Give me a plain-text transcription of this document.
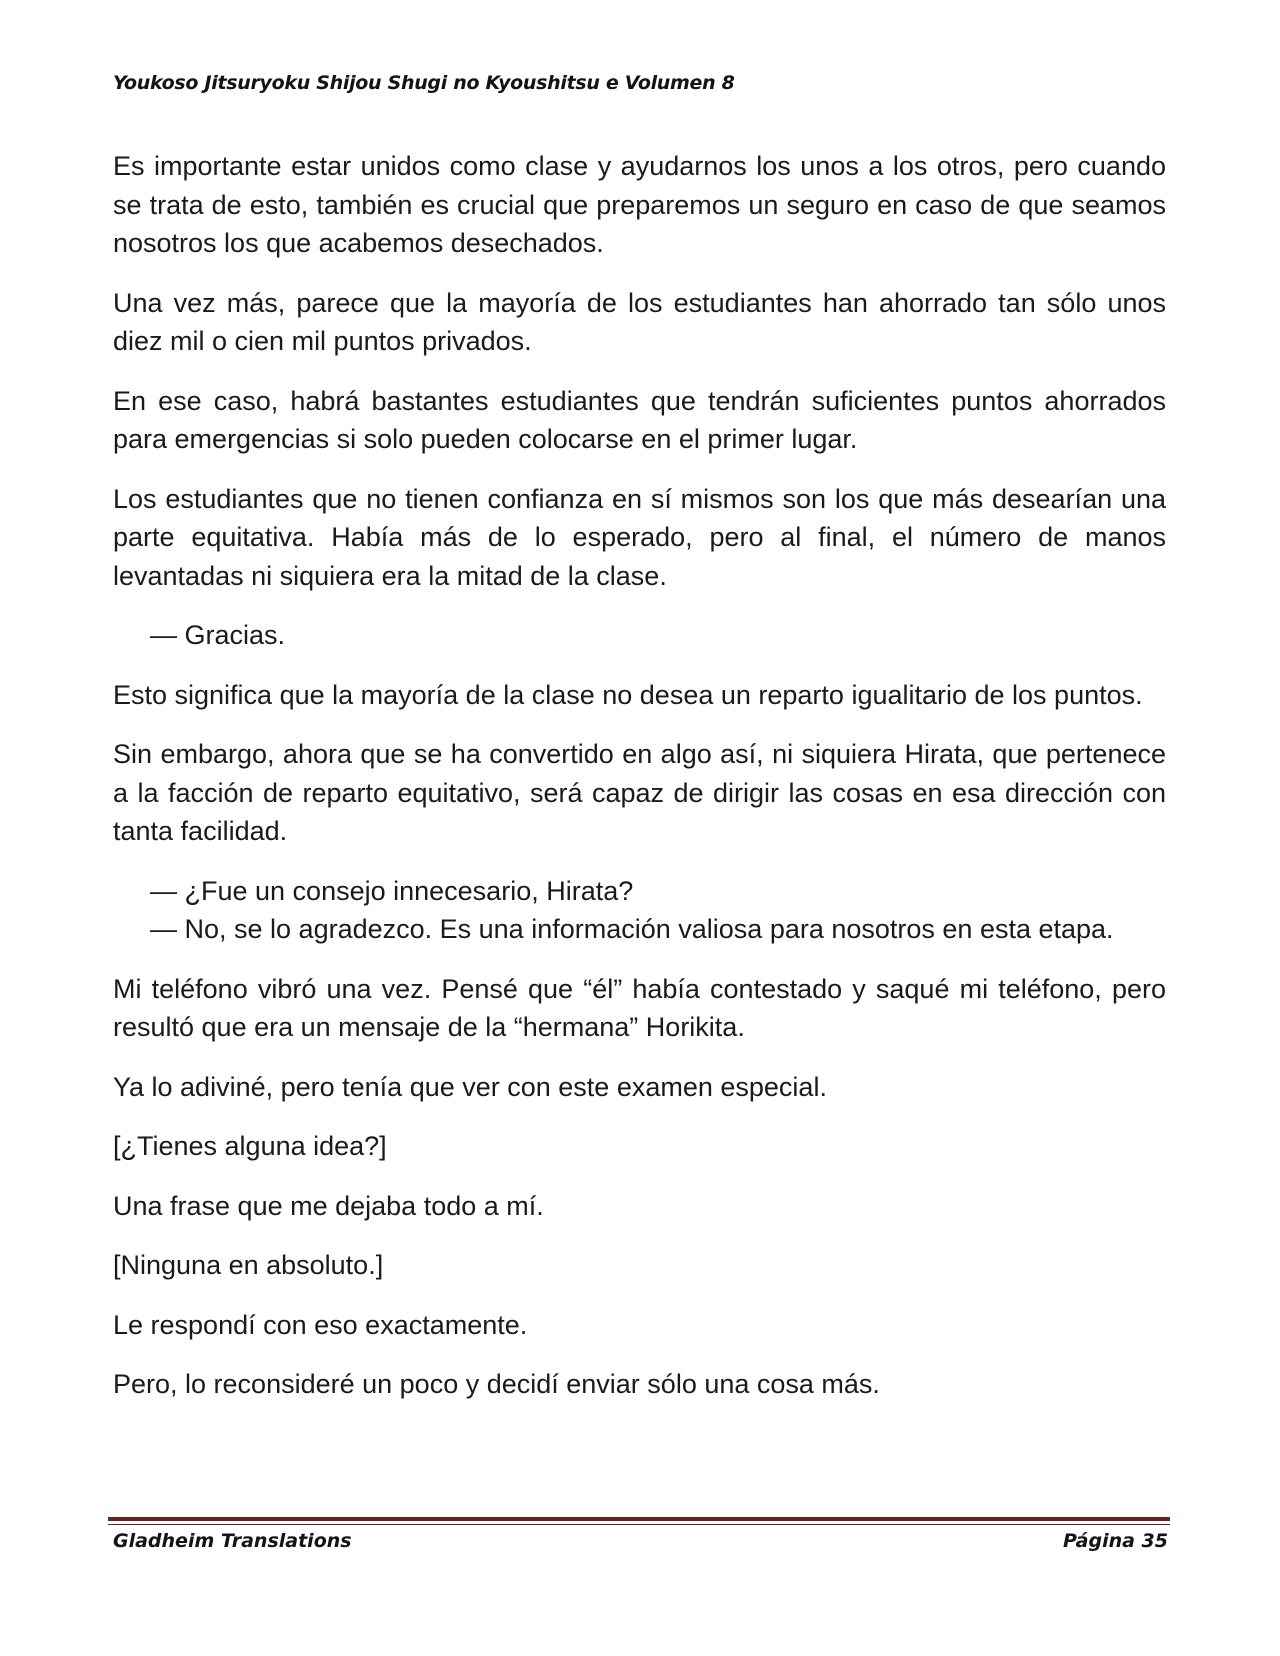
Youkoso Jitsuryoku Shijou Shugi no Kyoushitsu e Volumen 8

Es importante estar unidos como clase y ayudarnos los unos a los otros, pero cuando se trata de esto, también es crucial que preparemos un seguro en caso de que seamos nosotros los que acabemos desechados.

Una vez más, parece que la mayoría de los estudiantes han ahorrado tan sólo unos diez mil o cien mil puntos privados.

En ese caso, habrá bastantes estudiantes que tendrán suficientes puntos ahorrados para emergencias si solo pueden colocarse en el primer lugar.

Los estudiantes que no tienen confianza en sí mismos son los que más desearían una parte equitativa. Había más de lo esperado, pero al final, el número de manos levantadas ni siquiera era la mitad de la clase.

— Gracias.

Esto significa que la mayoría de la clase no desea un reparto igualitario de los puntos.

Sin embargo, ahora que se ha convertido en algo así, ni siquiera Hirata, que pertenece a la facción de reparto equitativo, será capaz de dirigir las cosas en esa dirección con tanta facilidad.

— ¿Fue un consejo innecesario, Hirata?

— No, se lo agradezco. Es una información valiosa para nosotros en esta etapa.

Mi teléfono vibró una vez. Pensé que “él” había contestado y saqué mi teléfono, pero resultó que era un mensaje de la “hermana” Horikita.

Ya lo adiviné, pero tenía que ver con este examen especial.

[¿Tienes alguna idea?]

Una frase que me dejaba todo a mí.

[Ninguna en absoluto.]

Le respondí con eso exactamente.

Pero, lo reconsideré un poco y decidí enviar sólo una cosa más.

Gladheim Translations	Página 35
